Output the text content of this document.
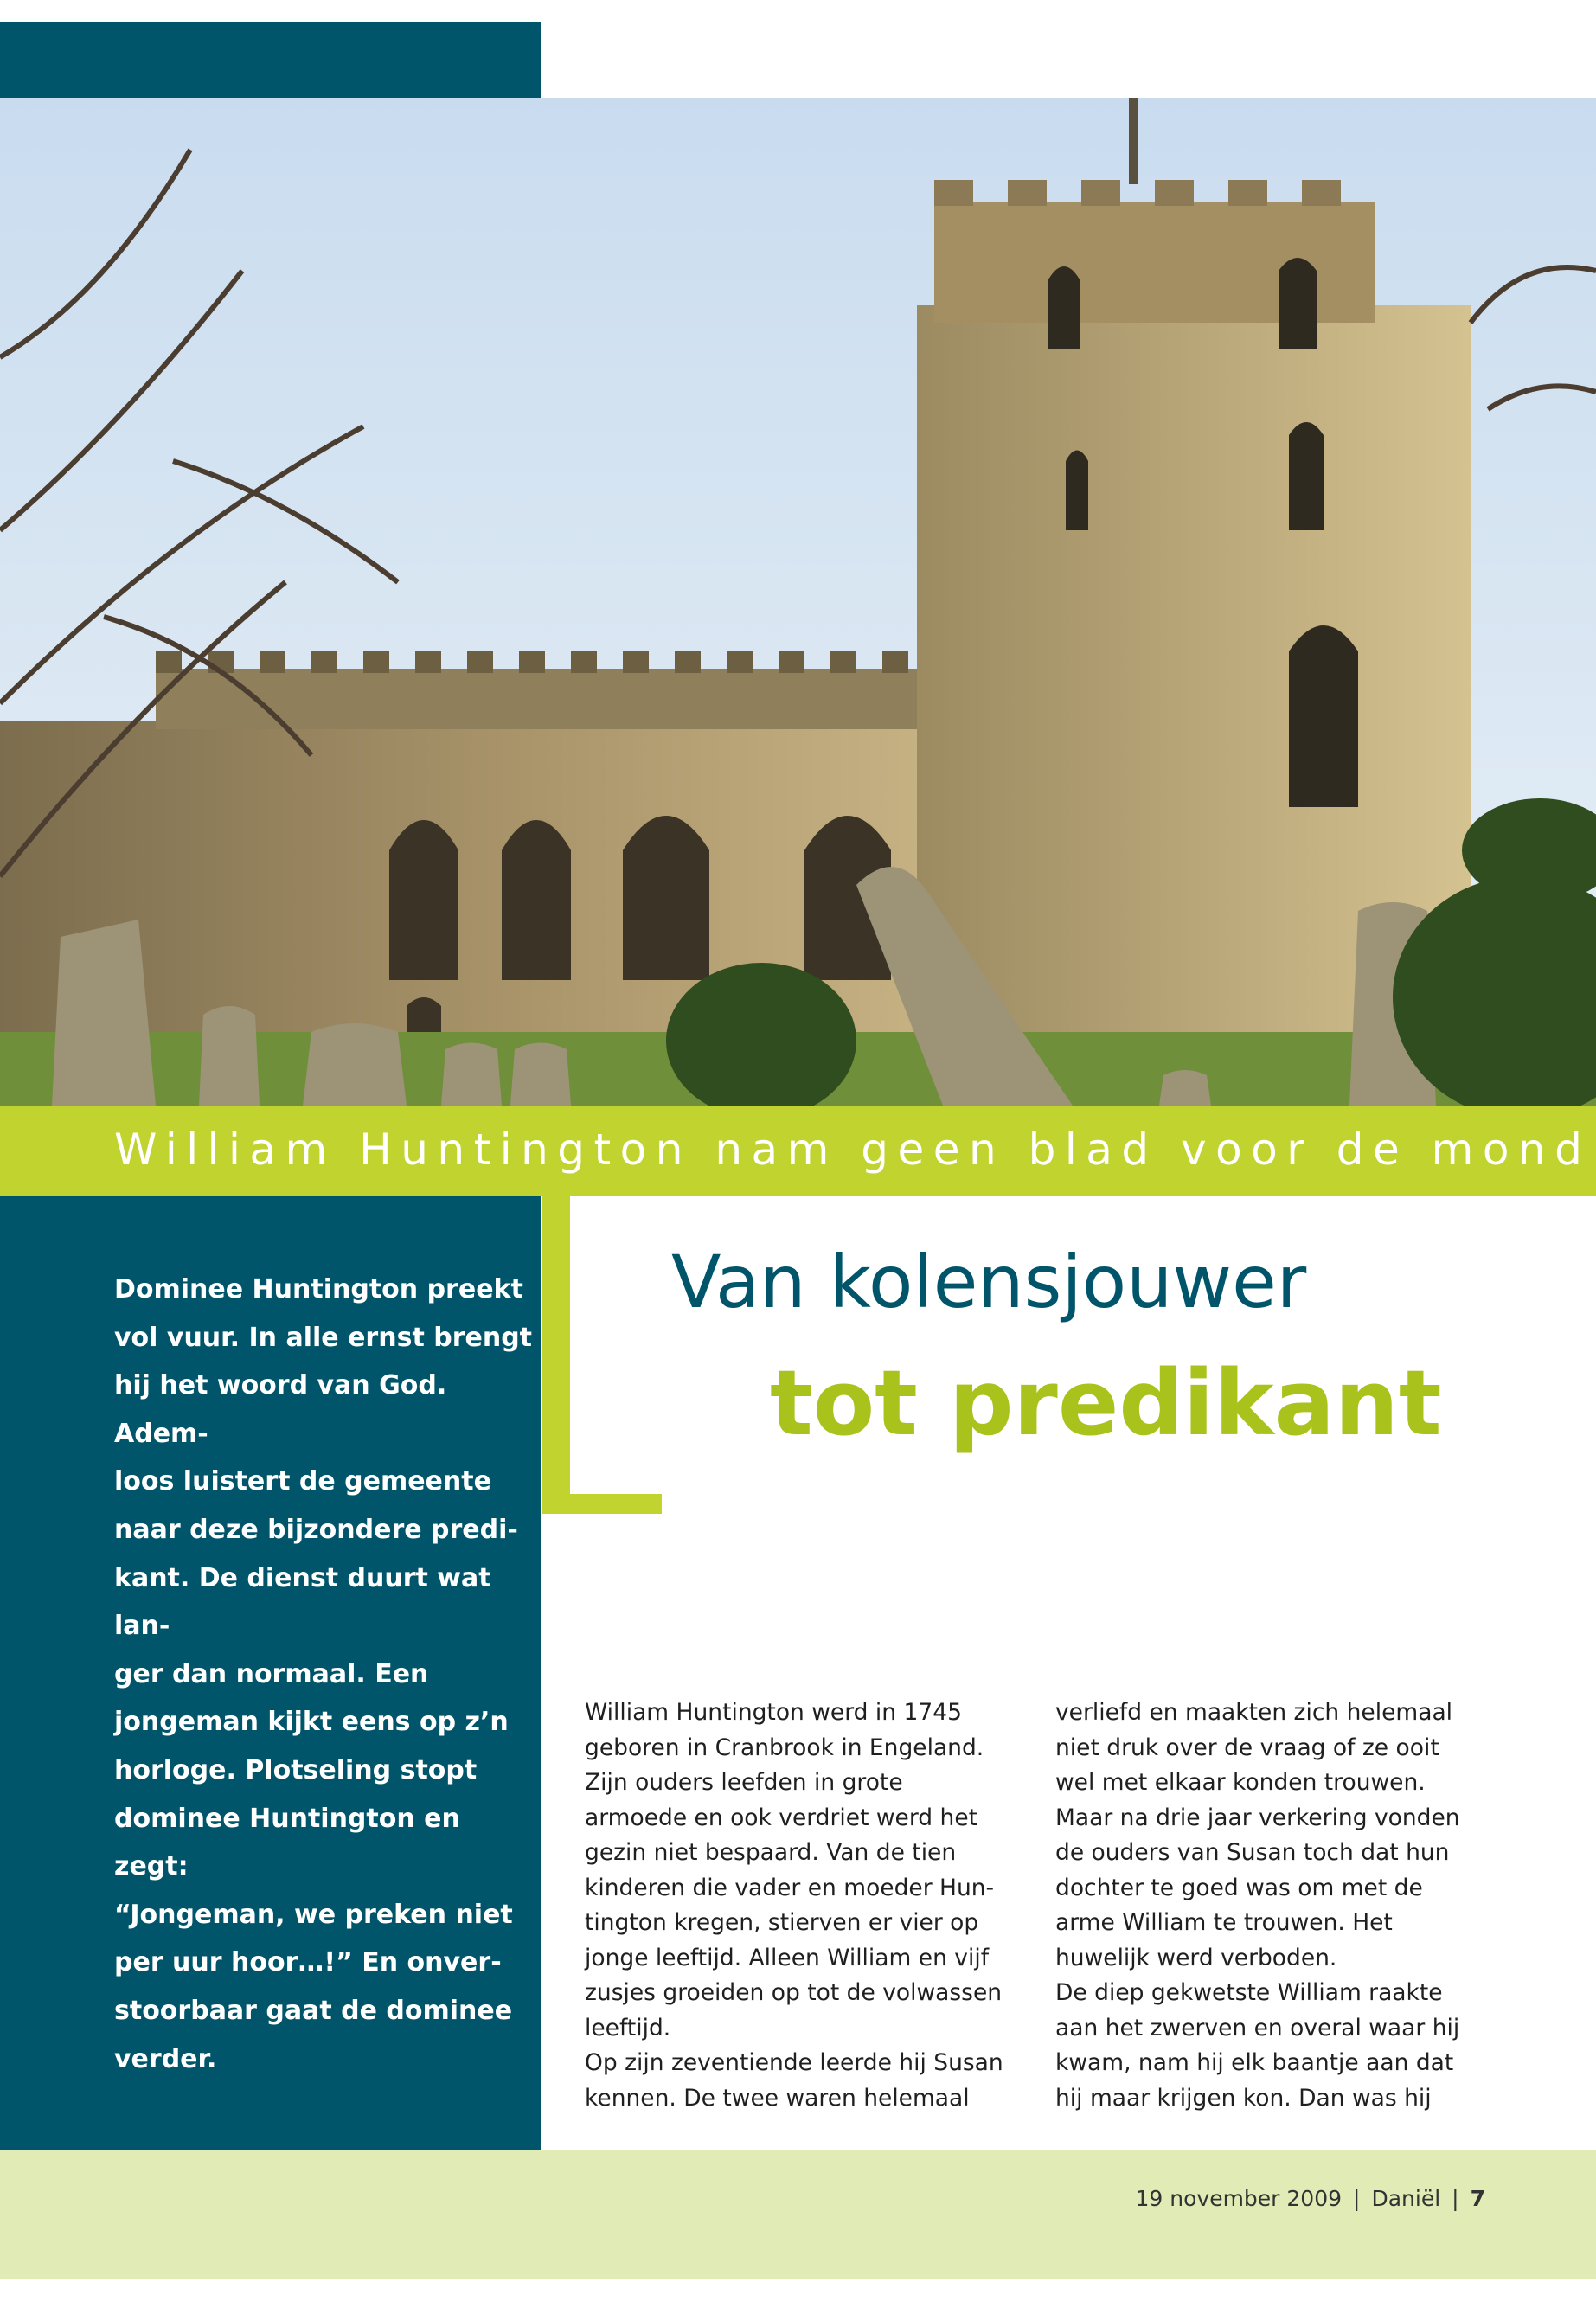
William Huntington nam geen blad voor de mond

Dominee Huntington preekt
vol vuur. In alle ernst brengt
hij het woord van God. Adem-
loos luistert de gemeente
naar deze bijzondere predi-
kant. De dienst duurt wat lan-
ger dan normaal. Een
jongeman kijkt eens op z’n
horloge. Plotseling stopt
dominee Huntington en zegt:
“Jongeman, we preken niet
per uur hoor…!” En onver-
stoorbaar gaat de dominee
verder.

Van kolensjouwer
tot predikant

William Huntington werd in 1745

geboren in Cranbrook in Engeland.

Zijn ouders leefden in grote

armoede en ook verdriet werd het

gezin niet bespaard. Van de tien

kinderen die vader en moeder Hun-

tington kregen, stierven er vier op

jonge leeftijd. Alleen William en vijf

zusjes groeiden op tot de volwassen

leeftijd.

Op zijn zeventiende leerde hij Susan

kennen. De twee waren helemaal

verliefd en maakten zich helemaal

niet druk over de vraag of ze ooit

wel met elkaar konden trouwen.

Maar na drie jaar verkering vonden

de ouders van Susan toch dat hun

dochter te goed was om met de

arme William te trouwen. Het

huwelijk werd verboden.

De diep gekwetste William raakte

aan het zwerven en overal waar hij

kwam, nam hij elk baantje aan dat

hij maar krijgen kon. Dan was hij

19 november 2009 | Daniël | 7
